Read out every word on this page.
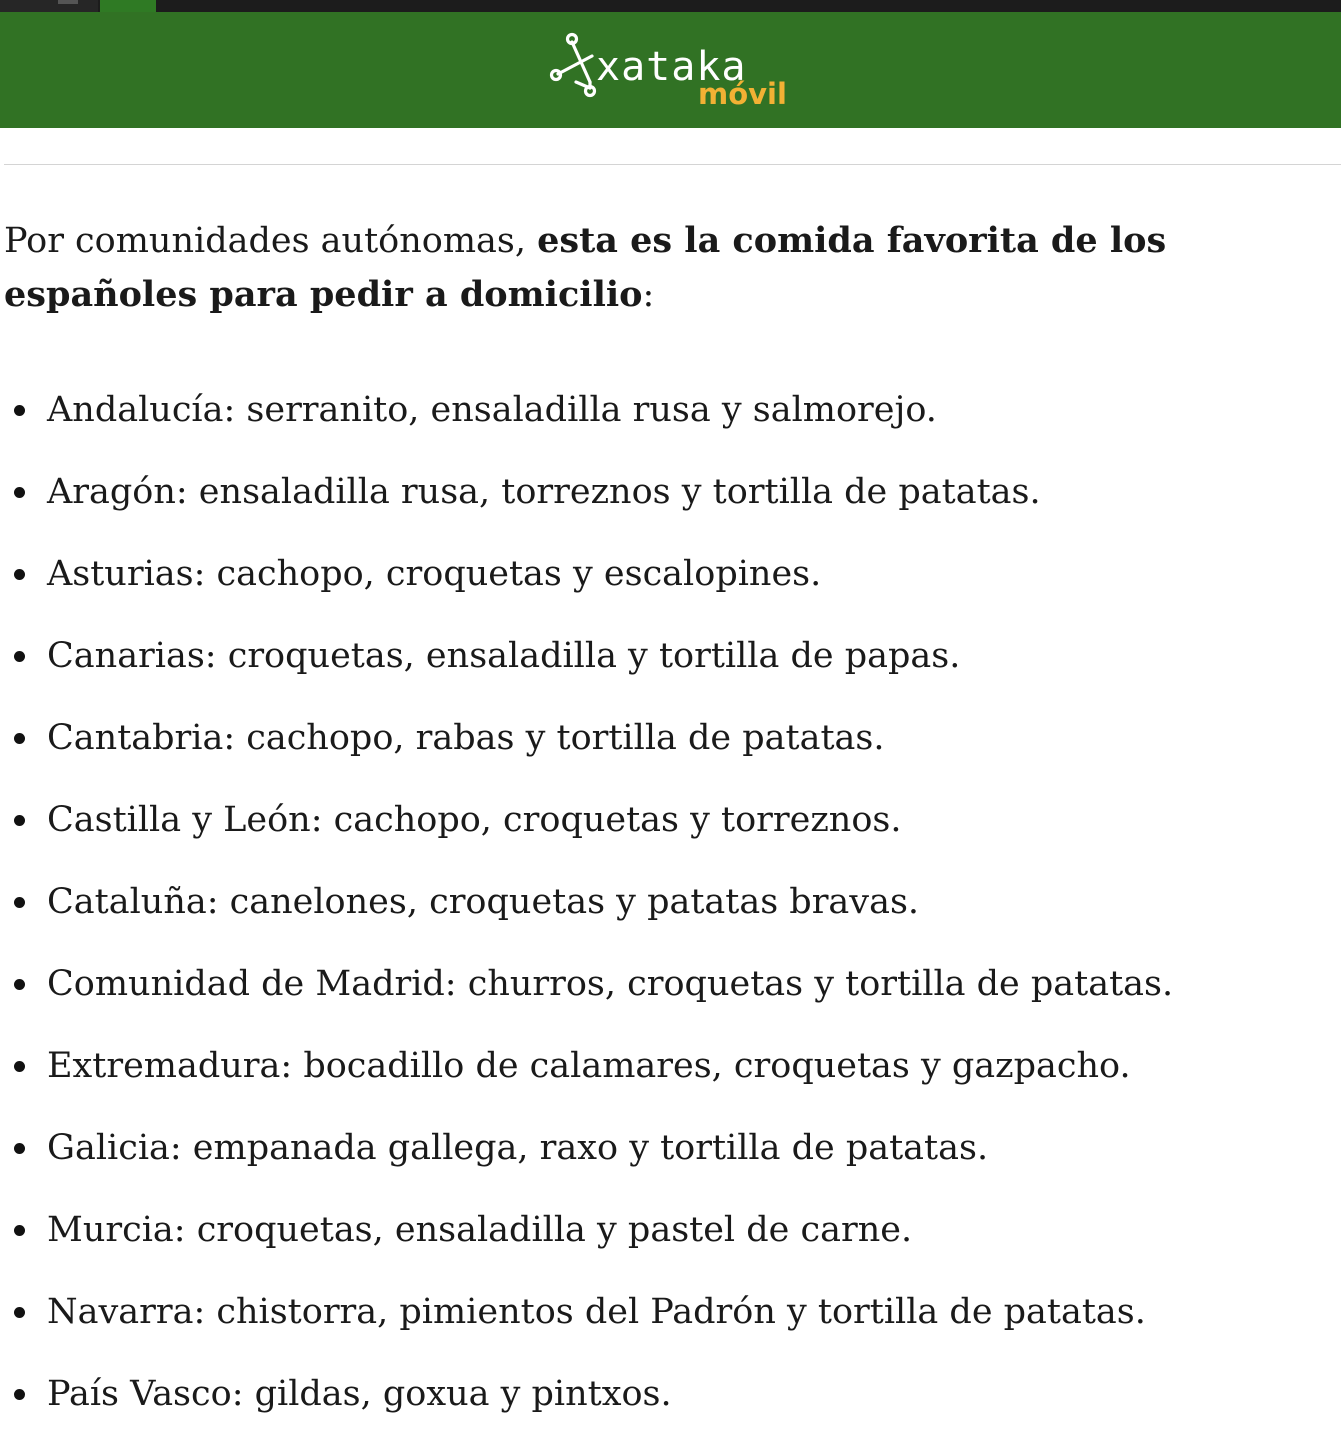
xataka
móvil

Por comunidades autónomas, esta es la comida favorita de los españoles para pedir a domicilio:

Andalucía: serranito, ensaladilla rusa y salmorejo.
Aragón: ensaladilla rusa, torreznos y tortilla de patatas.
Asturias: cachopo, croquetas y escalopines.
Canarias: croquetas, ensaladilla y tortilla de papas.
Cantabria: cachopo, rabas y tortilla de patatas.
Castilla y León: cachopo, croquetas y torreznos.
Cataluña: canelones, croquetas y patatas bravas.
Comunidad de Madrid: churros, croquetas y tortilla de patatas.
Extremadura: bocadillo de calamares, croquetas y gazpacho.
Galicia: empanada gallega, raxo y tortilla de patatas.
Murcia: croquetas, ensaladilla y pastel de carne.
Navarra: chistorra, pimientos del Padrón y tortilla de patatas.
País Vasco: gildas, goxua y pintxos.
